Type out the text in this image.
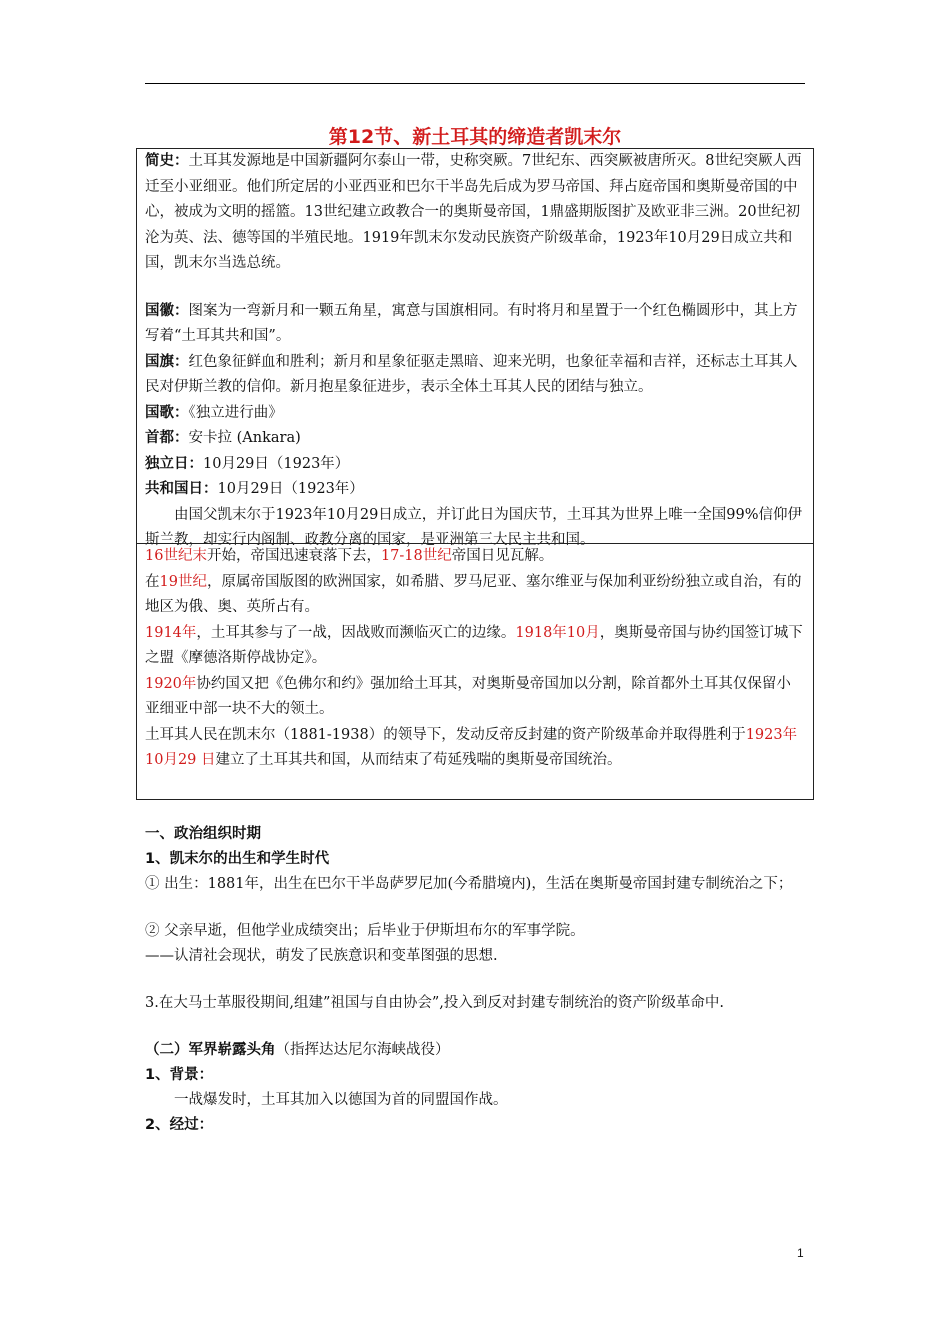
第12节、新土耳其的缔造者凯末尔

简史：土耳其发源地是中国新疆阿尔泰山一带，史称突厥。7世纪东、西突厥被唐所灭。8世纪突厥人西迁至小亚细亚。他们所定居的小亚西亚和巴尔干半岛先后成为罗马帝国、拜占庭帝国和奥斯曼帝国的中心，被成为文明的摇篮。13世纪建立政教合一的奥斯曼帝国，1鼎盛期版图扩及欧亚非三洲。20世纪初沦为英、法、德等国的半殖民地。1919年凯末尔发动民族资产阶级革命，1923年10月29日成立共和国，凯末尔当选总统。

国徽：图案为一弯新月和一颗五角星，寓意与国旗相同。有时将月和星置于一个红色椭圆形中，其上方写着“土耳其共和国”。

国旗：红色象征鲜血和胜利；新月和星象征驱走黑暗、迎来光明，也象征幸福和吉祥，还标志土耳其人民对伊斯兰教的信仰。新月抱星象征进步，表示全体土耳其人民的团结与独立。

国歌：《独立进行曲》

首都：安卡拉 (Ankara)

独立日：10月29日（1923年）

共和国日：10月29日（1923年）

由国父凯末尔于1923年10月29日成立，并订此日为国庆节，土耳其为世界上唯一全国99%信仰伊斯兰教，却实行内阁制、政教分离的国家，是亚洲第三大民主共和国。

16世纪末开始，帝国迅速衰落下去，17-18世纪帝国日见瓦解。

在19世纪，原属帝国版图的欧洲国家，如希腊、罗马尼亚、塞尔维亚与保加利亚纷纷独立或自治，有的地区为俄、奥、英所占有。

1914年，土耳其参与了一战，因战败而濒临灭亡的边缘。1918年10月，奥斯曼帝国与协约国签订城下之盟《摩德洛斯停战协定》。

1920年协约国又把《色佛尔和约》强加给土耳其，对奥斯曼帝国加以分割，除首都外土耳其仅保留小亚细亚中部一块不大的领土。

土耳其人民在凯末尔（1881-1938）的领导下，发动反帝反封建的资产阶级革命并取得胜利于1923年10月29 日建立了土耳其共和国，从而结束了苟延残喘的奥斯曼帝国统治。

一、政治组织时期

1、凯末尔的出生和学生时代

① 出生：1881年，出生在巴尔干半岛萨罗尼加(今希腊境内)，生活在奥斯曼帝国封建专制统治之下；

② 父亲早逝，但他学业成绩突出；后毕业于伊斯坦布尔的军事学院。

——认清社会现状，萌发了民族意识和变革图强的思想.

3.在大马士革服役期间,组建”祖国与自由协会”,投入到反对封建专制统治的资产阶级革命中.

（二）军界崭露头角（指挥达达尼尔海峡战役）

1、背景：

一战爆发时，土耳其加入以德国为首的同盟国作战。

2、经过：

1
